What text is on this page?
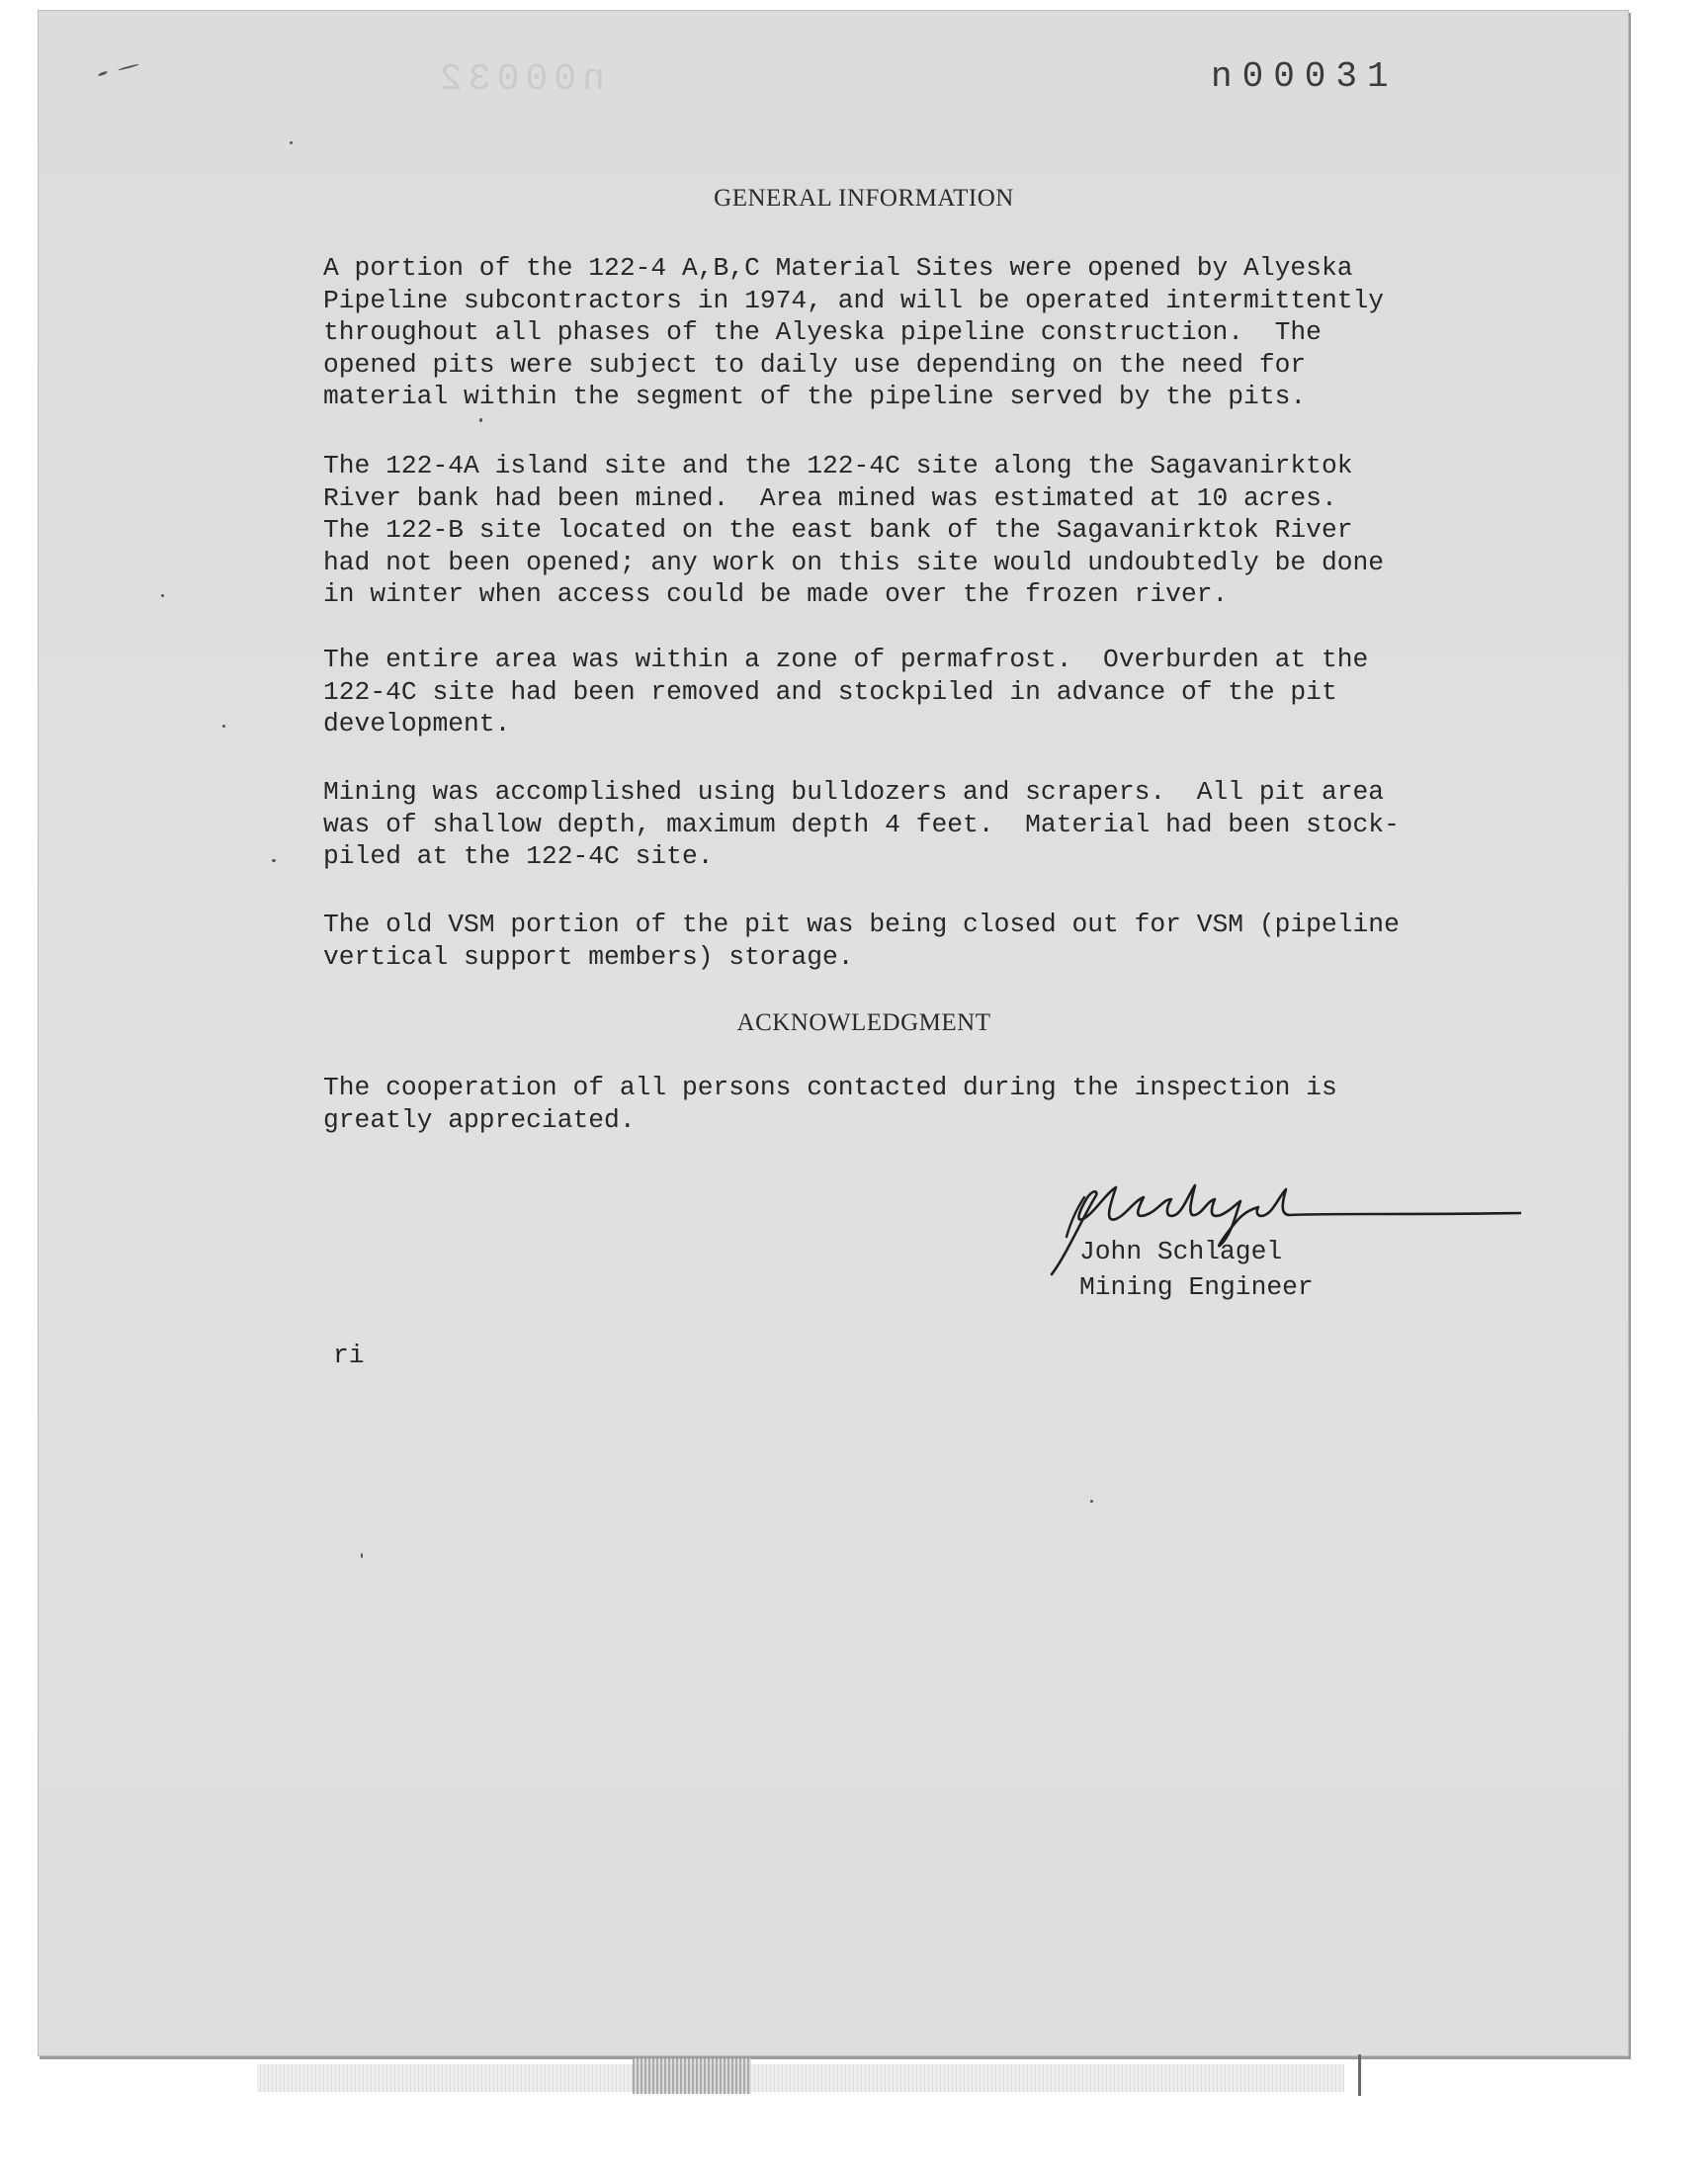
n00032	n00031
GENERAL INFORMATION
A portion of the 122-4 A,B,C Material Sites were opened by Alyeska
Pipeline subcontractors in 1974, and will be operated intermittently
throughout all phases of the Alyeska pipeline construction.  The
opened pits were subject to daily use depending on the need for
material within the segment of the pipeline served by the pits.
The 122-4A island site and the 122-4C site along the Sagavanirktok
River bank had been mined.  Area mined was estimated at 10 acres.
The 122-B site located on the east bank of the Sagavanirktok River
had not been opened; any work on this site would undoubtedly be done
in winter when access could be made over the frozen river.
The entire area was within a zone of permafrost.  Overburden at the
122-4C site had been removed and stockpiled in advance of the pit
development.
Mining was accomplished using bulldozers and scrapers.  All pit area
was of shallow depth, maximum depth 4 feet.  Material had been stock-
piled at the 122-4C site.
The old VSM portion of the pit was being closed out for VSM (pipeline
vertical support members) storage.
ACKNOWLEDGMENT
The cooperation of all persons contacted during the inspection is
greatly appreciated.
John Schlagel
Mining Engineer
ri
